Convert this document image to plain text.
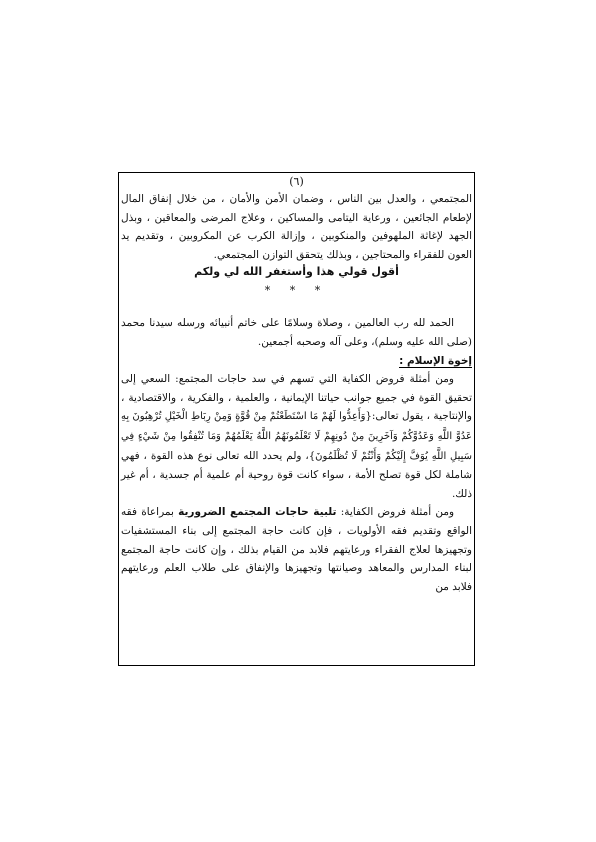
(٦)

المجتمعي ، والعدل بين الناس ، وضمان الأمن والأمان ، من خلال إنفاق المال لإطعام الجائعين ، ورعاية اليتامى والمساكين ، وعلاج المرضى والمعاقين ، وبذل الجهد لإغاثة الملهوفين والمنكوبين ، وإزالة الكرب عن المكروبين ، وتقديم يد العون للفقراء والمحتاجين ، وبذلك يتحقق التوازن المجتمعي.

أقول قولي هذا وأستغفر الله لي ولكم
* * *

الحمد لله رب العالمين ، وصلاة وسلامًا على خاتم أنبيائه ورسله سيدنا محمد (صلى الله عليه وسلم)، وعلى آله وصحبه أجمعين.

إخوة الإسلام :

ومن أمثلة فروض الكفاية التي تسهم في سد حاجات المجتمع: السعي إلى تحقيق القوة في جميع جوانب حياتنا الإيمانية ، والعلمية ، والفكرية ، والاقتصادية ، والإنتاجية ، يقول تعالى:{وَأَعِدُّوا لَهُمْ مَا اسْتَطَعْتُمْ مِنْ قُوَّةٍ وَمِنْ رِبَاطِ الْخَيْلِ تُرْهِبُونَ بِهِ عَدُوَّ اللَّهِ وَعَدُوَّكُمْ وَآخَرِينَ مِنْ دُونِهِمْ لَا تَعْلَمُونَهُمُ اللَّهُ يَعْلَمُهُمْ وَمَا تُنْفِقُوا مِنْ شَيْءٍ فِي سَبِيلِ اللَّهِ يُوَفَّ إِلَيْكُمْ وَأَنْتُمْ لَا تُظْلَمُونَ}، ولم يحدد الله تعالى نوع هذه القوة ، فهي شاملة لكل قوة تصلح الأمة ، سواء كانت قوة روحية أم علمية أم جسدية ، أم غير ذلك.

ومن أمثلة فروض الكفاية: تلبية حاجات المجتمع الضرورية بمراعاة فقه الواقع وتقديم فقه الأولويات ، فإن كانت حاجة المجتمع إلى بناء المستشفيات وتجهيزها لعلاج الفقراء ورعايتهم فلابد من القيام بذلك ، وإن كانت حاجة المجتمع لبناء المدارس والمعاهد وصيانتها وتجهيزها والإنفاق على طلاب العلم ورعايتهم فلابد من
